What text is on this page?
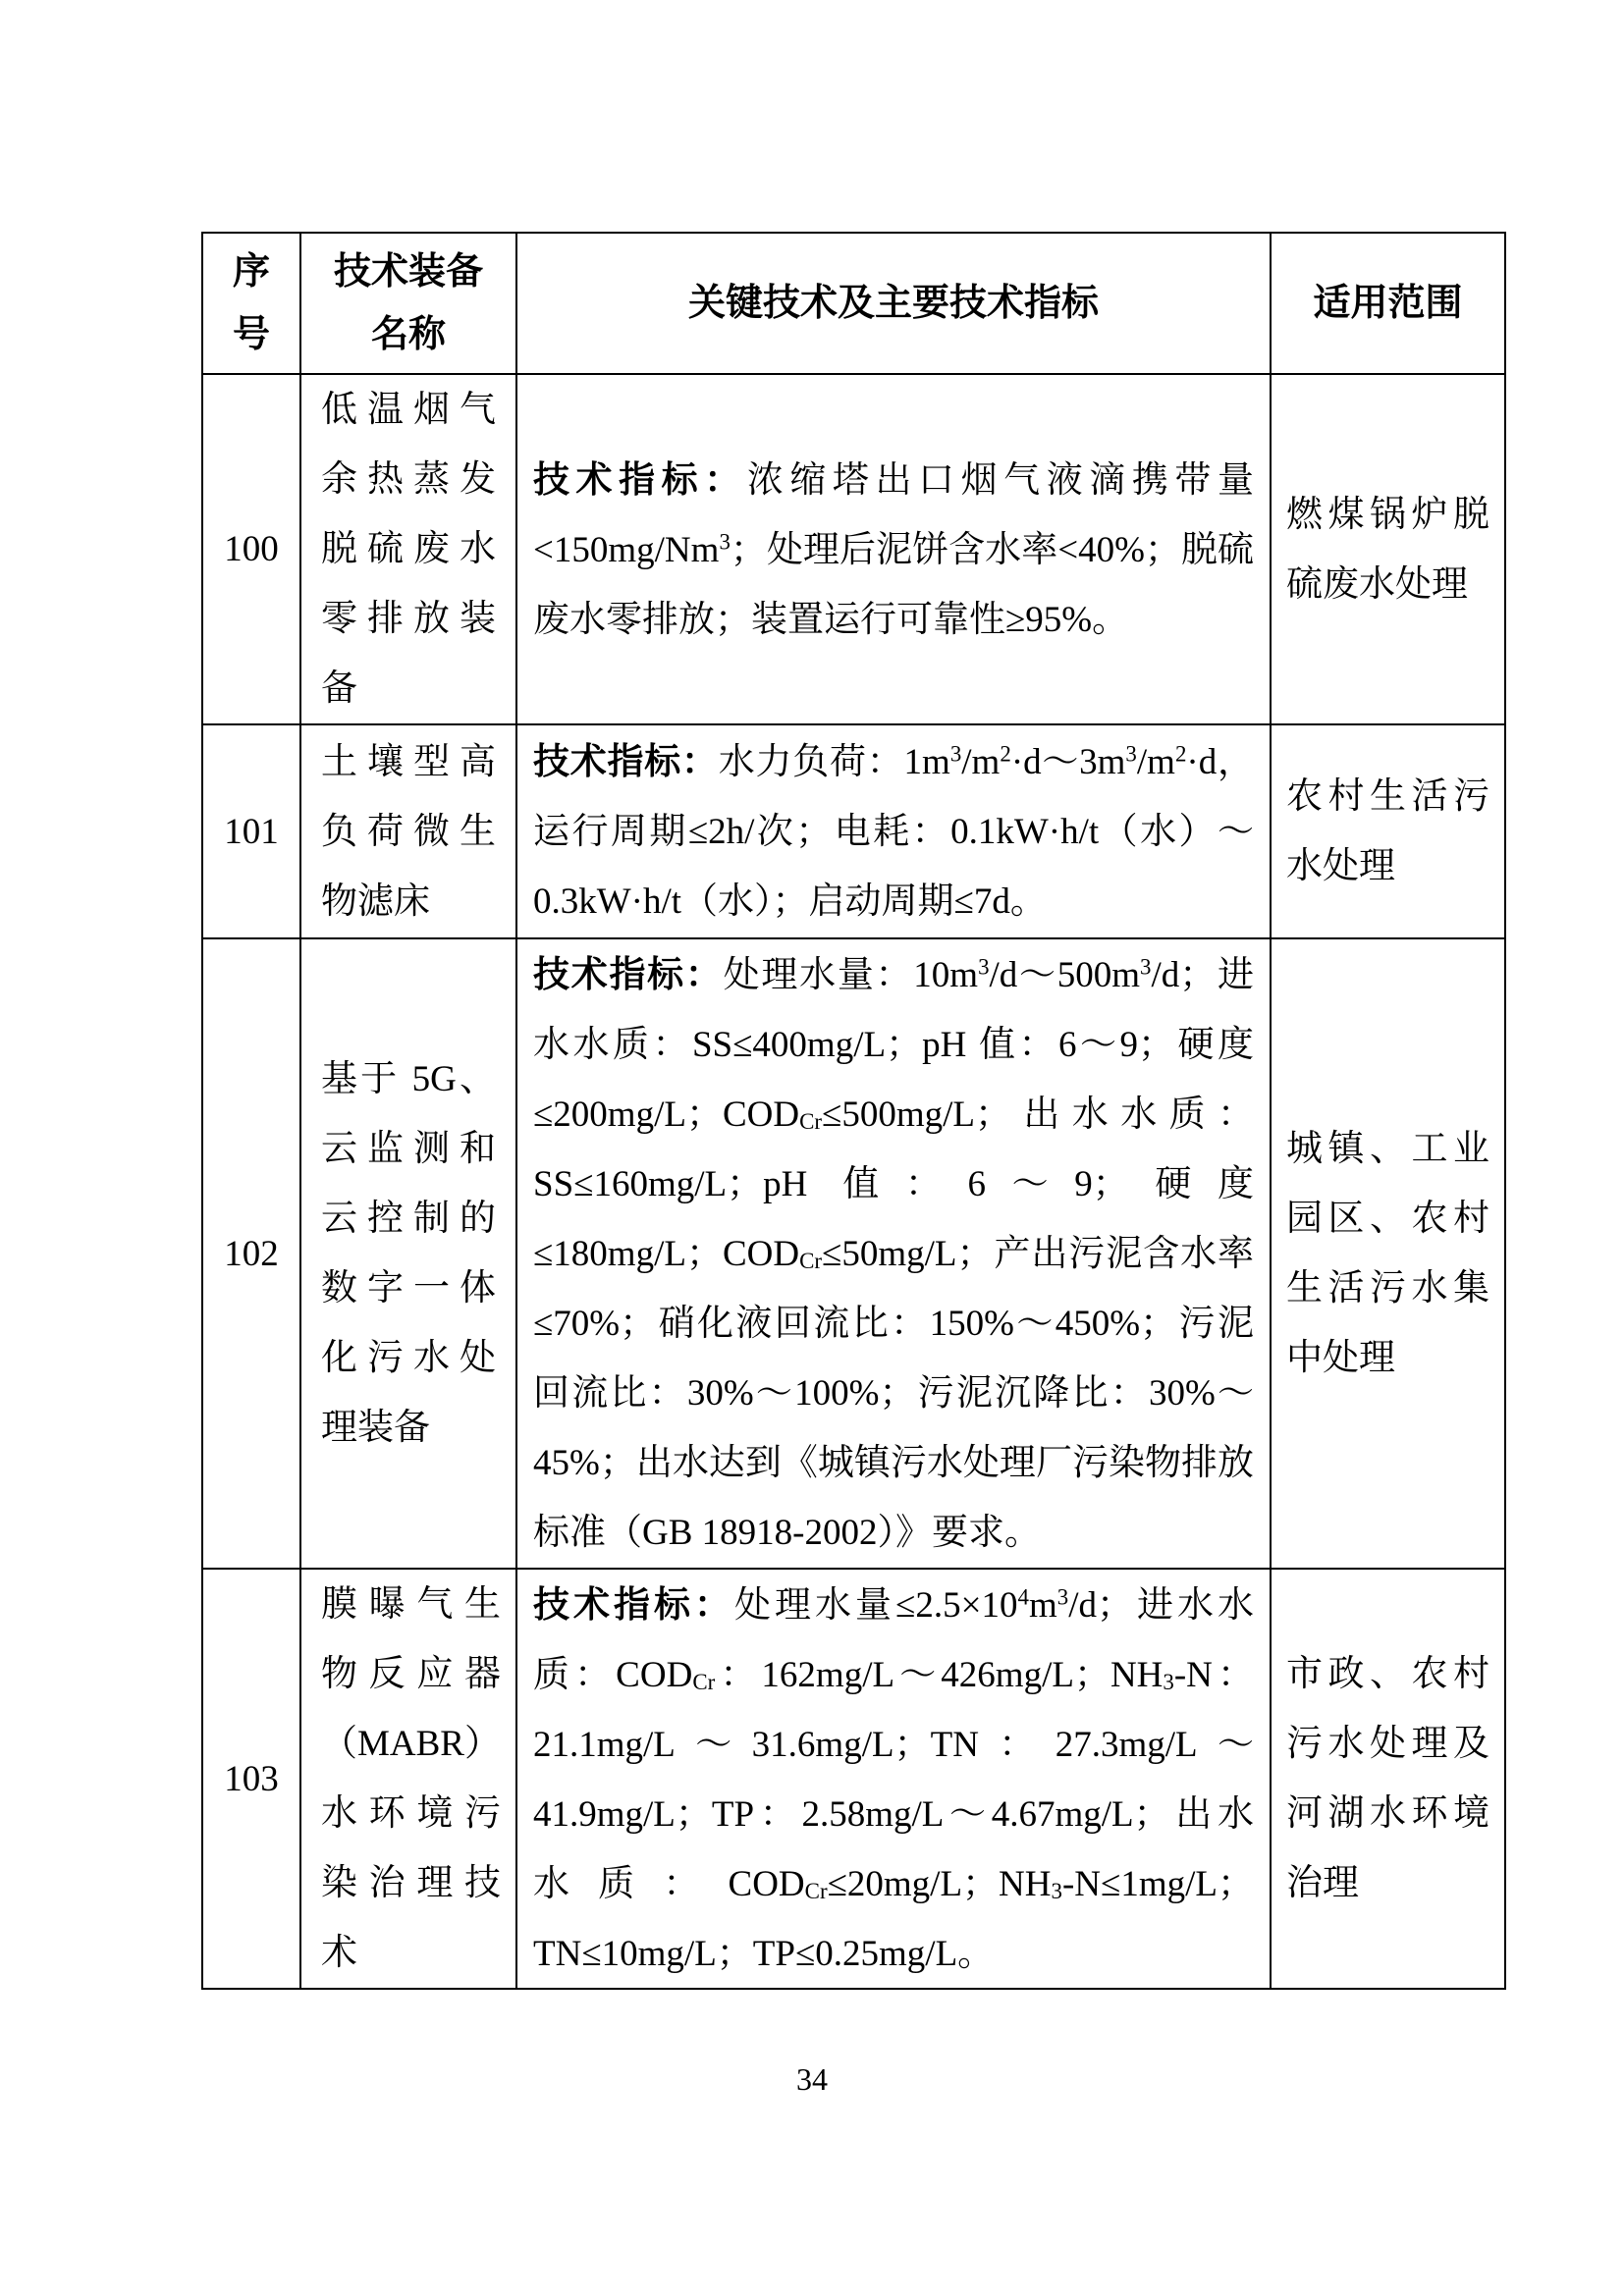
序号
技术装备名称
关键技术及主要技术指标	适用范围
100
低温烟气余热蒸发脱硫废水零排放装备
技术指标：浓缩塔出口烟气液滴携带量$<150mg/Nm^3$；处理后泥饼含水率<40%；脱硫废水零排放；装置运行可靠性≥95%。
燃煤锅炉脱硫废水处理
101
土壤型高负荷微生物滤床
技术指标：水力负荷：$1m^3/m^2\cdot d\sim 3m^3/m^2\cdot d$，运行周期≤2h/次；电耗：0.1kW·h/t（水）～0.3kW·h/t（水）；启动周期≤7d。
农村生活污水处理
102
基于 5G、云监测和云控制的数字一体化污水处理装备
技术指标：处理水量：$10m^3/d\sim 500m^3/d$；进水水质：SS≤400mg/L；pH 值：6～9；硬度≤200mg/L；$COD_{Cr}\le 500mg/L$；出水水质：SS≤160mg/L；pH 值：6～9；硬度≤180mg/L；$COD_{Cr}\le 50mg/L$；产出污泥含水率≤70%；硝化液回流比：150%～450%；污泥回流比：30%～100%；污泥沉降比：30%～45%；出水达到《城镇污水处理厂污染物排放标准（GB 18918-2002）》要求。
城镇、工业园区、农村生活污水集中处理
103
膜曝气生物反应器（MABR）水环境污染治理技术
技术指标：处理水量$\le 2.5\times 10^4m^3/d$；进水水质：$COD_{Cr}$：162mg/L～426mg/L；$NH_3-N$：21.1mg/L～31.6mg/L；TN：27.3mg/L～41.9mg/L；TP：2.58mg/L～4.67mg/L；出水水质：$COD_{Cr}\le 20mg/L$；$NH_3-N\le 1mg/L$；TN≤10mg/L；TP≤0.25mg/L。
市政、农村污水处理及河湖水环境治理
34
